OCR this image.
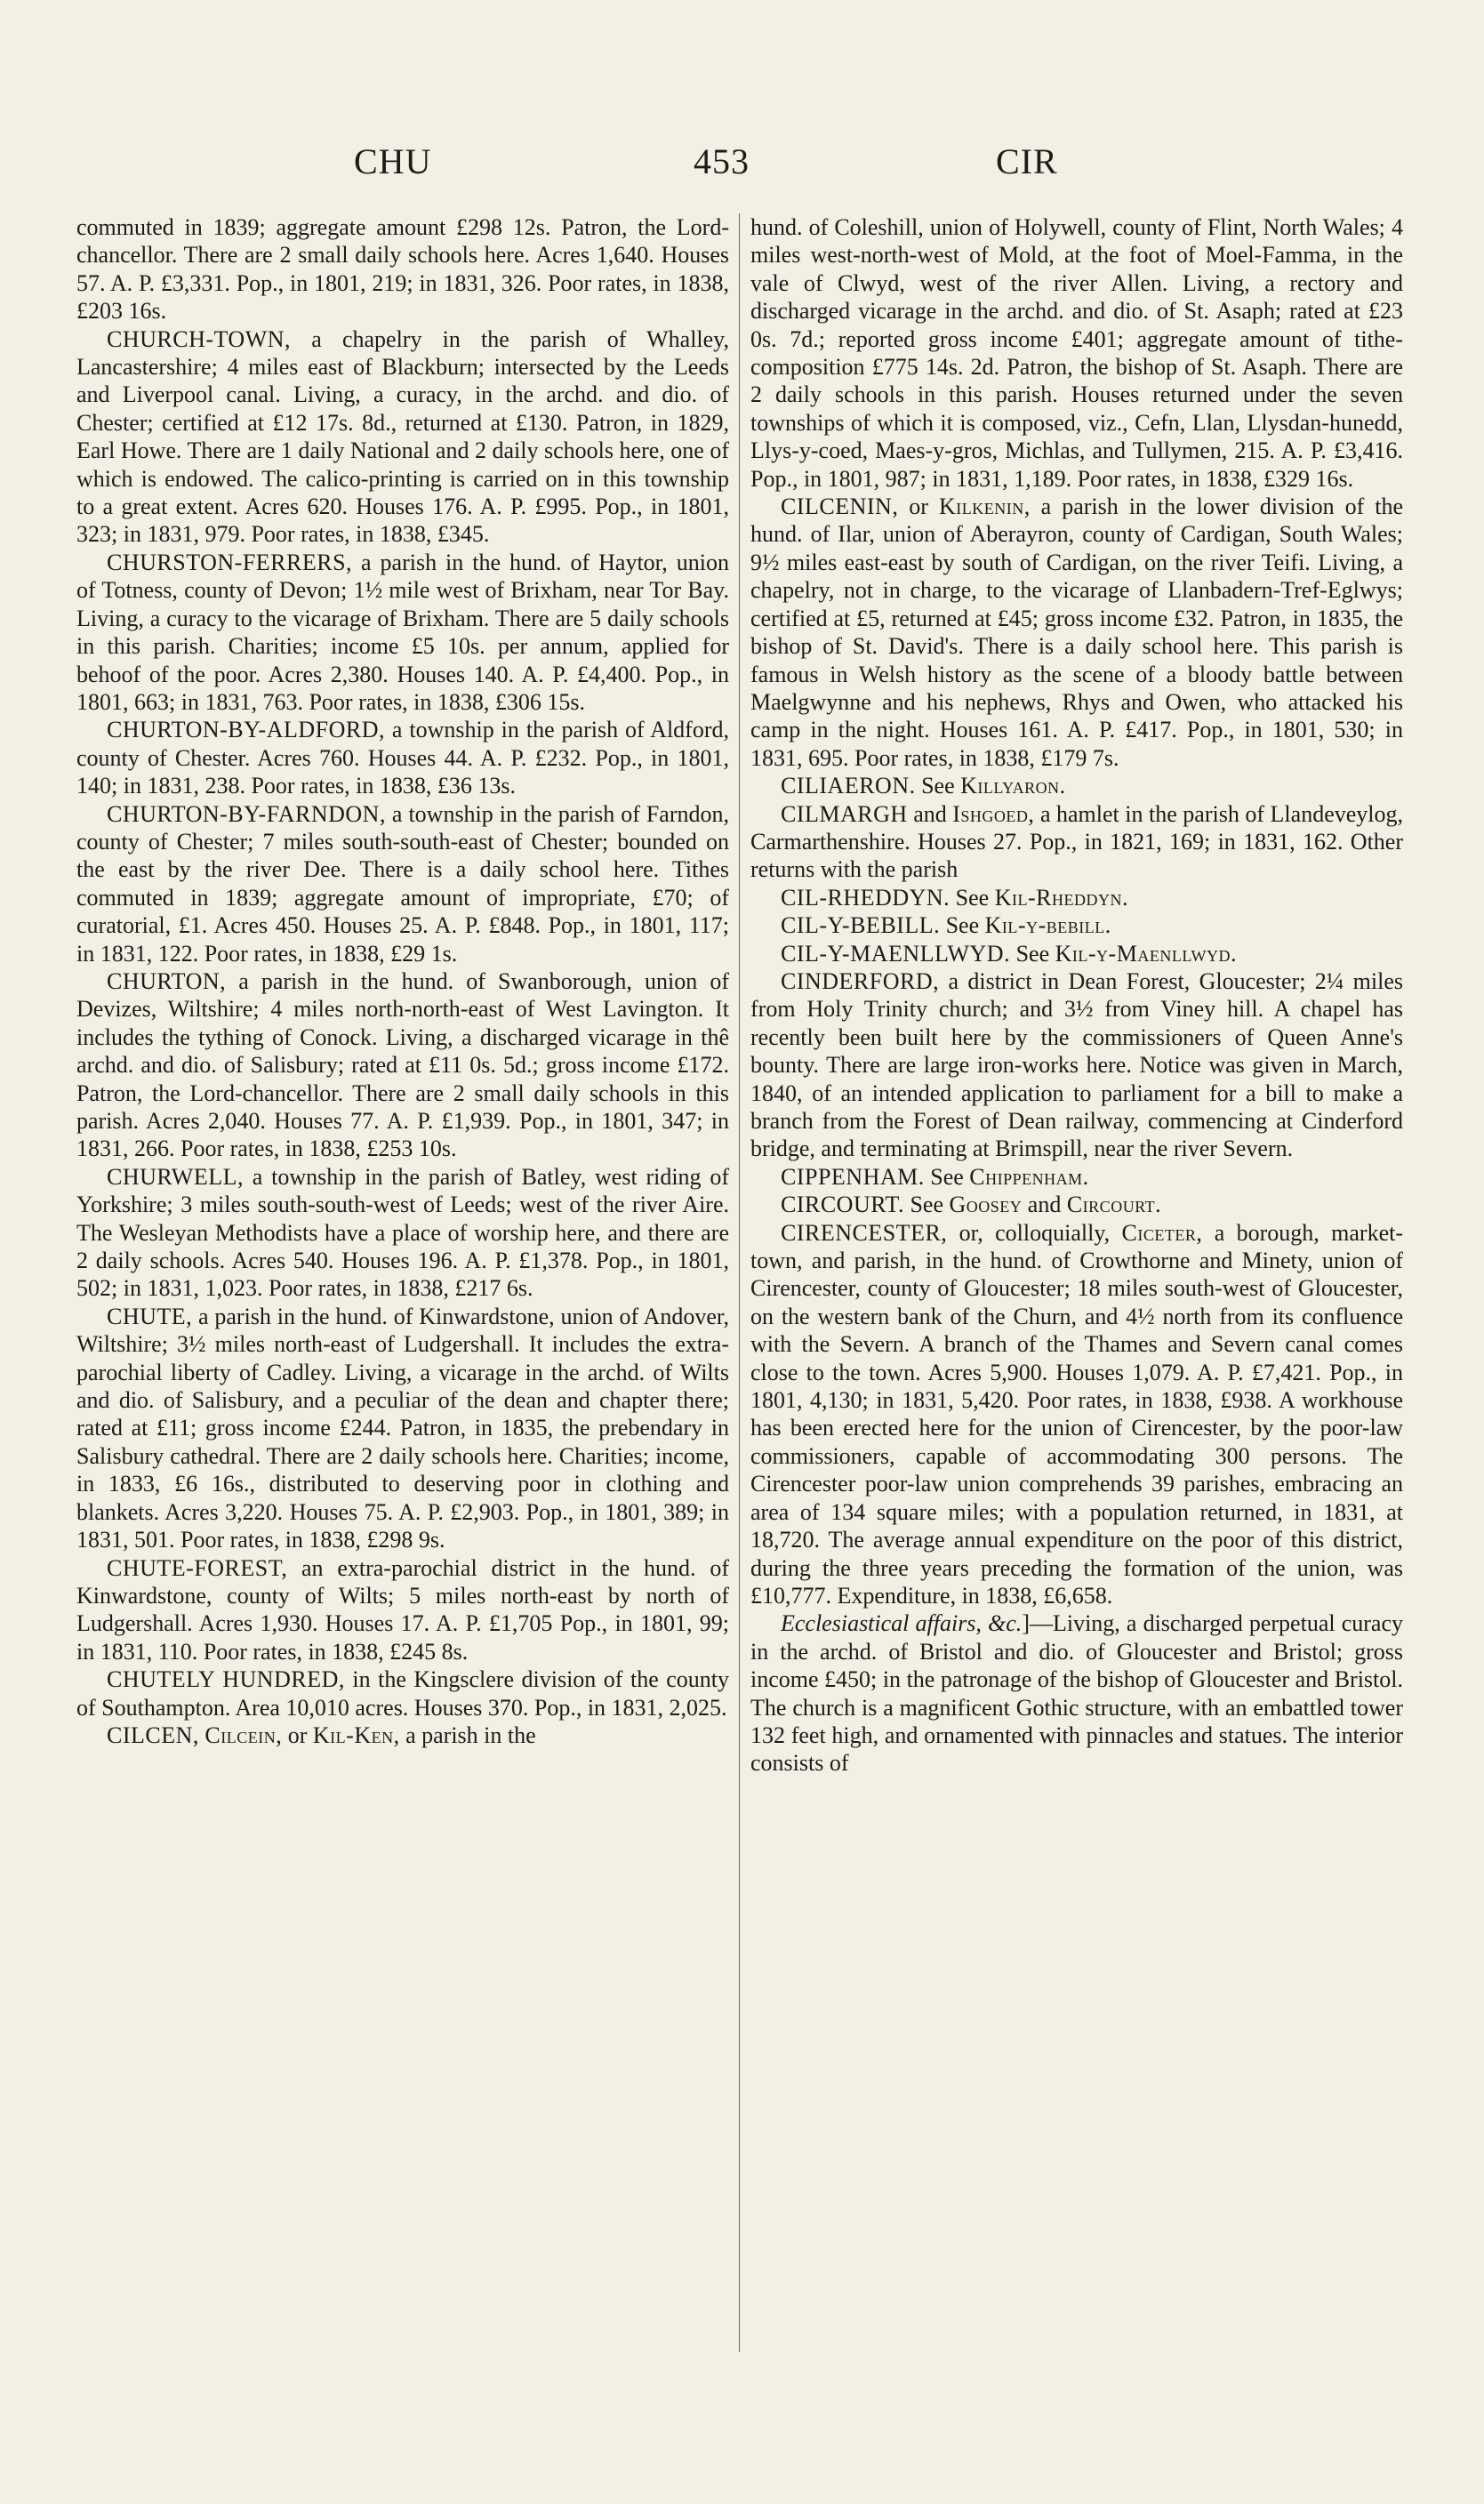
CHU	453	CIR

commuted in 1839; aggregate amount £298 12s. Patron, the Lord-chancellor. There are 2 small daily schools here. Acres 1,640. Houses 57. A. P. £3,331. Pop., in 1801, 219; in 1831, 326. Poor rates, in 1838, £203 16s.

CHURCH-TOWN, a chapelry in the parish of Whalley, Lancastershire; 4 miles east of Blackburn; intersected by the Leeds and Liverpool canal. Living, a curacy, in the archd. and dio. of Chester; certified at £12 17s. 8d., returned at £130. Patron, in 1829, Earl Howe. There are 1 daily National and 2 daily schools here, one of which is endowed. The calico-printing is carried on in this township to a great extent. Acres 620. Houses 176. A. P. £995. Pop., in 1801, 323; in 1831, 979. Poor rates, in 1838, £345.

CHURSTON-FERRERS, a parish in the hund. of Haytor, union of Totness, county of Devon; 1½ mile west of Brixham, near Tor Bay. Living, a curacy to the vicarage of Brixham. There are 5 daily schools in this parish. Charities; income £5 10s. per annum, applied for behoof of the poor. Acres 2,380. Houses 140. A. P. £4,400. Pop., in 1801, 663; in 1831, 763. Poor rates, in 1838, £306 15s.

CHURTON-BY-ALDFORD, a township in the parish of Aldford, county of Chester. Acres 760. Houses 44. A. P. £232. Pop., in 1801, 140; in 1831, 238. Poor rates, in 1838, £36 13s.

CHURTON-BY-FARNDON, a township in the parish of Farndon, county of Chester; 7 miles south-south-east of Chester; bounded on the east by the river Dee. There is a daily school here. Tithes commuted in 1839; aggregate amount of impropriate, £70; of curatorial, £1. Acres 450. Houses 25. A. P. £848. Pop., in 1801, 117; in 1831, 122. Poor rates, in 1838, £29 1s.

CHURTON, a parish in the hund. of Swanborough, union of Devizes, Wiltshire; 4 miles north-north-east of West Lavington. It includes the tything of Conock. Living, a discharged vicarage in thê archd. and dio. of Salisbury; rated at £11 0s. 5d.; gross income £172. Patron, the Lord-chancellor. There are 2 small daily schools in this parish. Acres 2,040. Houses 77. A. P. £1,939. Pop., in 1801, 347; in 1831, 266. Poor rates, in 1838, £253 10s.

CHURWELL, a township in the parish of Batley, west riding of Yorkshire; 3 miles south-south-west of Leeds; west of the river Aire. The Wesleyan Methodists have a place of worship here, and there are 2 daily schools. Acres 540. Houses 196. A. P. £1,378. Pop., in 1801, 502; in 1831, 1,023. Poor rates, in 1838, £217 6s.

CHUTE, a parish in the hund. of Kinwardstone, union of Andover, Wiltshire; 3½ miles north-east of Ludgershall. It includes the extra-parochial liberty of Cadley. Living, a vicarage in the archd. of Wilts and dio. of Salisbury, and a peculiar of the dean and chapter there; rated at £11; gross income £244. Patron, in 1835, the prebendary in Salisbury cathedral. There are 2 daily schools here. Charities; income, in 1833, £6 16s., distributed to deserving poor in clothing and blankets. Acres 3,220. Houses 75. A. P. £2,903. Pop., in 1801, 389; in 1831, 501. Poor rates, in 1838, £298 9s.

CHUTE-FOREST, an extra-parochial district in the hund. of Kinwardstone, county of Wilts; 5 miles north-east by north of Ludgershall. Acres 1,930. Houses 17. A. P. £1,705 Pop., in 1801, 99; in 1831, 110. Poor rates, in 1838, £245 8s.

CHUTELY HUNDRED, in the Kingsclere division of the county of Southampton. Area 10,010 acres. Houses 370. Pop., in 1831, 2,025.

CILCEN, Cilcein, or Kil-Ken, a parish in the

hund. of Coleshill, union of Holywell, county of Flint, North Wales; 4 miles west-north-west of Mold, at the foot of Moel-Famma, in the vale of Clwyd, west of the river Allen. Living, a rectory and discharged vicarage in the archd. and dio. of St. Asaph; rated at £23 0s. 7d.; reported gross income £401; aggregate amount of tithe-composition £775 14s. 2d. Patron, the bishop of St. Asaph. There are 2 daily schools in this parish. Houses returned under the seven townships of which it is composed, viz., Cefn, Llan, Llysdan-hunedd, Llys-y-coed, Maes-y-gros, Michlas, and Tullymen, 215. A. P. £3,416. Pop., in 1801, 987; in 1831, 1,189. Poor rates, in 1838, £329 16s.

CILCENIN, or Kilkenin, a parish in the lower division of the hund. of Ilar, union of Aberayron, county of Cardigan, South Wales; 9½ miles east-east by south of Cardigan, on the river Teifi. Living, a chapelry, not in charge, to the vicarage of Llanbadern-Tref-Eglwys; certified at £5, returned at £45; gross income £32. Patron, in 1835, the bishop of St. David's. There is a daily school here. This parish is famous in Welsh history as the scene of a bloody battle between Maelgwynne and his nephews, Rhys and Owen, who attacked his camp in the night. Houses 161. A. P. £417. Pop., in 1801, 530; in 1831, 695. Poor rates, in 1838, £179 7s.

CILIAERON. See Killyaron.

CILMARGH and Ishgoed, a hamlet in the parish of Llandeveylog, Carmarthenshire. Houses 27. Pop., in 1821, 169; in 1831, 162. Other returns with the parish

CIL-RHEDDYN. See Kil-Rheddyn.

CIL-Y-BEBILL. See Kil-y-bebill.

CIL-Y-MAENLLWYD. See Kil-y-Maenllwyd.

CINDERFORD, a district in Dean Forest, Gloucester; 2¼ miles from Holy Trinity church; and 3½ from Viney hill. A chapel has recently been built here by the commissioners of Queen Anne's bounty. There are large iron-works here. Notice was given in March, 1840, of an intended application to parliament for a bill to make a branch from the Forest of Dean railway, commencing at Cinderford bridge, and terminating at Brimspill, near the river Severn.

CIPPENHAM. See Chippenham.

CIRCOURT. See Goosey and Circourt.

CIRENCESTER, or, colloquially, Ciceter, a borough, market-town, and parish, in the hund. of Crowthorne and Minety, union of Cirencester, county of Gloucester; 18 miles south-west of Gloucester, on the western bank of the Churn, and 4½ north from its confluence with the Severn. A branch of the Thames and Severn canal comes close to the town. Acres 5,900. Houses 1,079. A. P. £7,421. Pop., in 1801, 4,130; in 1831, 5,420. Poor rates, in 1838, £938. A workhouse has been erected here for the union of Cirencester, by the poor-law commissioners, capable of accommodating 300 persons. The Cirencester poor-law union comprehends 39 parishes, embracing an area of 134 square miles; with a population returned, in 1831, at 18,720. The average annual expenditure on the poor of this district, during the three years preceding the formation of the union, was £10,777. Expenditure, in 1838, £6,658.

Ecclesiastical affairs, &c.]—Living, a discharged perpetual curacy in the archd. of Bristol and dio. of Gloucester and Bristol; gross income £450; in the patronage of the bishop of Gloucester and Bristol. The church is a magnificent Gothic structure, with an embattled tower 132 feet high, and ornamented with pinnacles and statues. The interior consists of
